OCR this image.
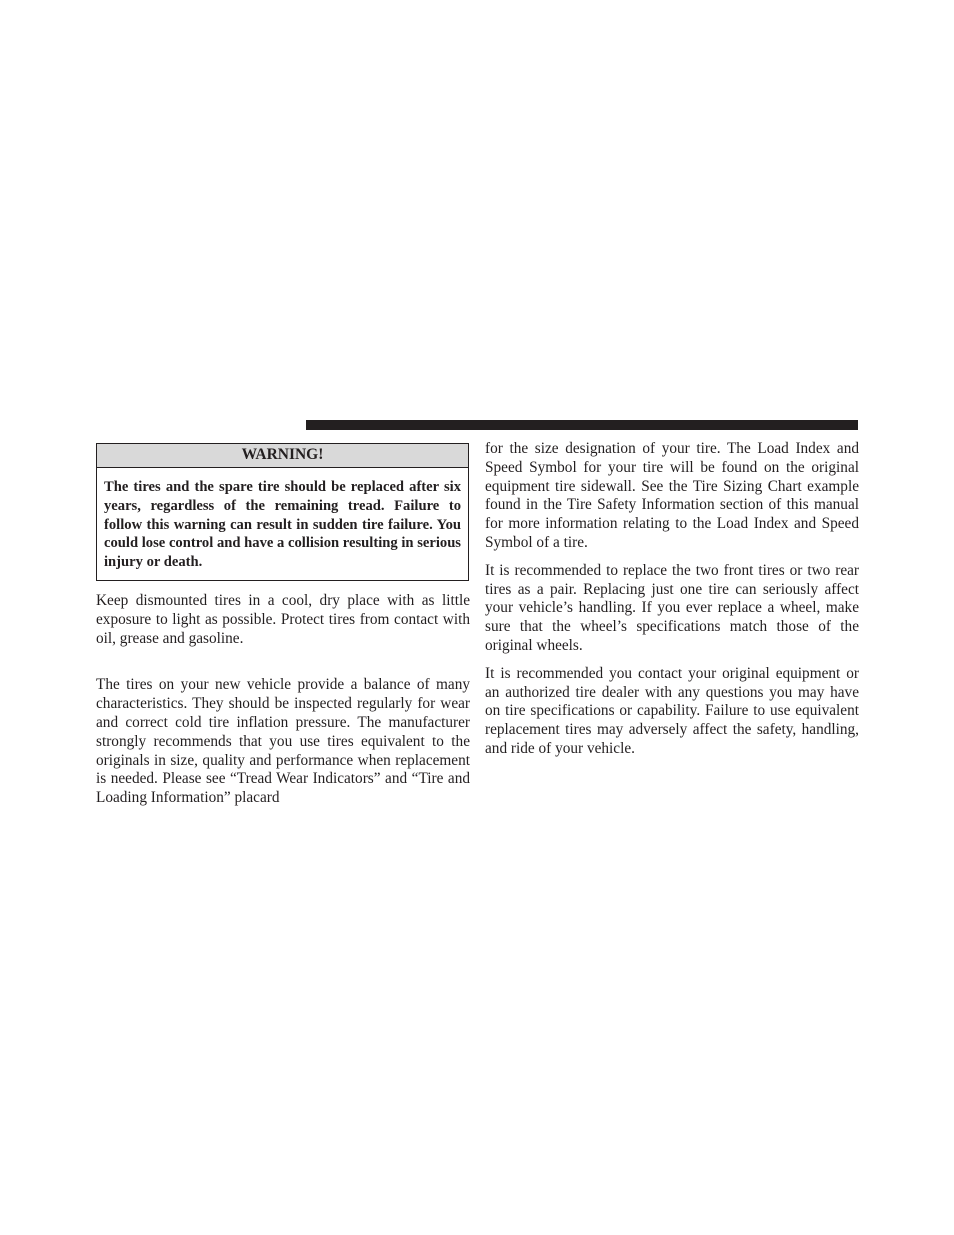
WARNING!
The tires and the spare tire should be replaced after six years, regardless of the remaining tread. Failure to follow this warning can result in sudden tire failure. You could lose control and have a collision resulting in serious injury or death.

Keep dismounted tires in a cool, dry place with as little exposure to light as possible. Protect tires from contact with oil, grease and gasoline.

The tires on your new vehicle provide a balance of many characteristics. They should be inspected regularly for wear and correct cold tire inflation pressure. The manufacturer strongly recommends that you use tires equivalent to the originals in size, quality and performance when replacement is needed. Please see “Tread Wear Indicators” and “Tire and Loading Information” placard

for the size designation of your tire. The Load Index and Speed Symbol for your tire will be found on the original equipment tire sidewall. See the Tire Sizing Chart example found in the Tire Safety Information section of this manual for more information relating to the Load Index and Speed Symbol of a tire.

It is recommended to replace the two front tires or two rear tires as a pair. Replacing just one tire can seriously affect your vehicle’s handling. If you ever replace a wheel, make sure that the wheel’s specifications match those of the original wheels.

It is recommended you contact your original equipment or an authorized tire dealer with any questions you may have on tire specifications or capability. Failure to use equivalent replacement tires may adversely affect the safety, handling, and ride of your vehicle.
